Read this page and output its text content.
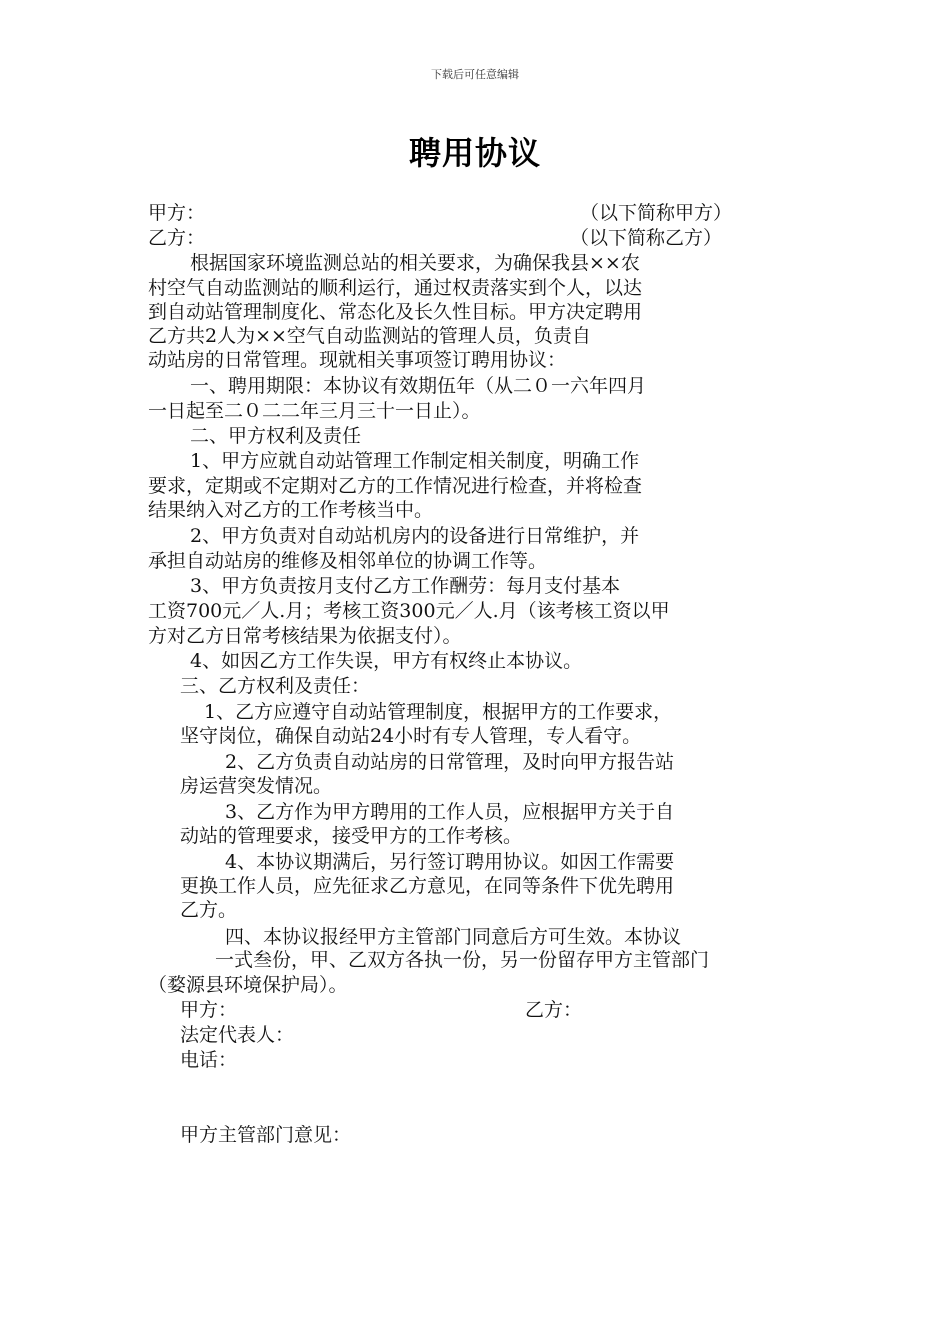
下载后可任意编辑
聘用协议
甲方：	（以下简称甲方）
乙方：	（以下简称乙方）
根据国家环境监测总站的相关要求，为确保我县××农
村空气自动监测站的顺利运行，通过权责落实到个人，以达
到自动站管理制度化、常态化及长久性目标。甲方决定聘用
乙方共2人为××空气自动监测站的管理人员，负责自
动站房的日常管理。现就相关事项签订聘用协议：
一、聘用期限：本协议有效期伍年（从二０一六年四月
一日起至二０二二年三月三十一日止）。
二、甲方权利及责任
1、甲方应就自动站管理工作制定相关制度，明确工作
要求，定期或不定期对乙方的工作情况进行检查，并将检查
结果纳入对乙方的工作考核当中。
2、甲方负责对自动站机房内的设备进行日常维护，并
承担自动站房的维修及相邻单位的协调工作等。
3、甲方负责按月支付乙方工作酬劳：每月支付基本
工资700元／人.月；考核工资300元／人.月（该考核工资以甲
方对乙方日常考核结果为依据支付）。
4、如因乙方工作失误，甲方有权终止本协议。
三、乙方权利及责任：
1、乙方应遵守自动站管理制度，根据甲方的工作要求，
坚守岗位，确保自动站24小时有专人管理，专人看守。
2、乙方负责自动站房的日常管理，及时向甲方报告站
房运营突发情况。
3、乙方作为甲方聘用的工作人员，应根据甲方关于自
动站的管理要求，接受甲方的工作考核。
4、本协议期满后，另行签订聘用协议。如因工作需要
更换工作人员，应先征求乙方意见，在同等条件下优先聘用
乙方。
四、本协议报经甲方主管部门同意后方可生效。本协议
一式叁份，甲、乙双方各执一份，另一份留存甲方主管部门
（婺源县环境保护局）。
甲方：	乙方：
法定代表人：
电话：
甲方主管部门意见：
